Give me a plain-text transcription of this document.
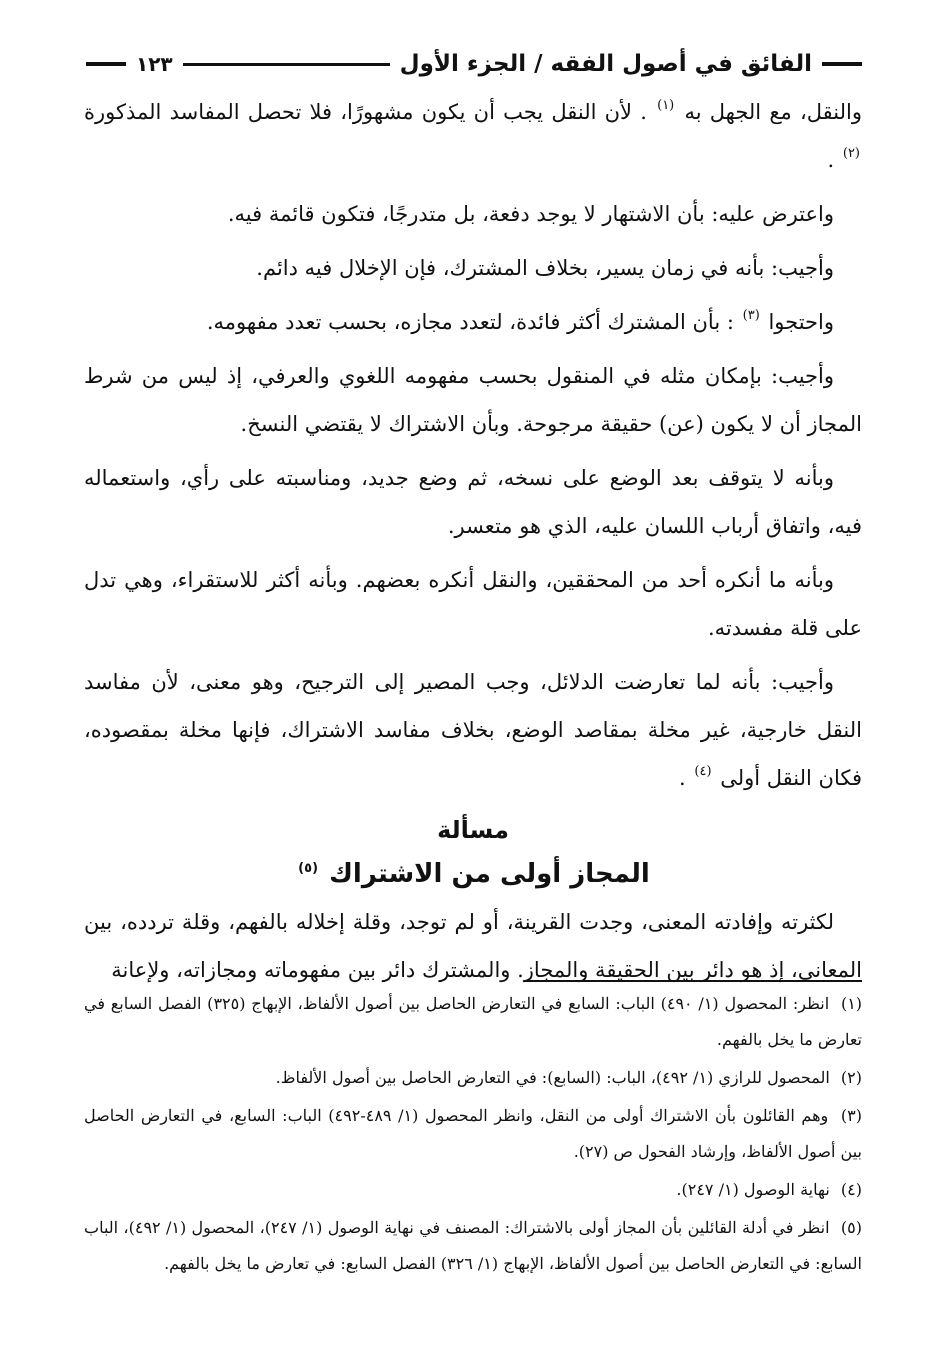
الفائق في أصول الفقه / الجزء الأول
١٢٣

والنقل، مع الجهل به $^{(١)}$ . لأن النقل يجب أن يكون مشهورًا، فلا تحصل المفاسد المذكورة $^{(٢)}$ .

واعترض عليه: بأن الاشتهار لا يوجد دفعة، بل متدرجًا، فتكون قائمة فيه.

وأجيب: بأنه في زمان يسير، بخلاف المشترك، فإن الإخلال فيه دائم.

واحتجوا $^{(٣)}$ : بأن المشترك أكثر فائدة، لتعدد مجازه، بحسب تعدد مفهومه.

وأجيب: بإمكان مثله في المنقول بحسب مفهومه اللغوي والعرفي، إذ ليس من شرط المجاز أن لا يكون (عن) حقيقة مرجوحة. وبأن الاشتراك لا يقتضي النسخ.

وبأنه لا يتوقف بعد الوضع على نسخه، ثم وضع جديد، ومناسبته على رأي، واستعماله فيه، واتفاق أرباب اللسان عليه، الذي هو متعسر.

وبأنه ما أنكره أحد من المحققين، والنقل أنكره بعضهم. وبأنه أكثر للاستقراء، وهي تدل على قلة مفسدته.

وأجيب: بأنه لما تعارضت الدلائل، وجب المصير إلى الترجيح، وهو معنى، لأن مفاسد النقل خارجية، غير مخلة بمقاصد الوضع، بخلاف مفاسد الاشتراك، فإنها مخلة بمقصوده، فكان النقل أولى $^{(٤)}$ .

مسألة
المجاز أولى من الاشتراك $^{(٥)}$

لكثرته وإفادته المعنى، وجدت القرينة، أو لم توجد، وقلة إخلاله بالفهم، وقلة تردده، بين المعاني، إذ هو دائر بين الحقيقة والمجاز. والمشترك دائر بين مفهوماته ومجازاته، ولإعانة

(١) انظر: المحصول (١/ ٤٩٠) الباب: السابع في التعارض الحاصل بين أصول الألفاظ، الإبهاج (٣٢٥) الفصل السابع في تعارض ما يخل بالفهم.

(٢) المحصول للرازي (١/ ٤٩٢)، الباب: (السابع): في التعارض الحاصل بين أصول الألفاظ.

(٣) وهم القائلون بأن الاشتراك أولى من النقل، وانظر المحصول (١/ ٤٨٩-٤٩٢) الباب: السابع، في التعارض الحاصل بين أصول الألفاظ، وإرشاد الفحول ص (٢٧).

(٤) نهاية الوصول (١/ ٢٤٧).

(٥) انظر في أدلة القائلين بأن المجاز أولى بالاشتراك: المصنف في نهاية الوصول (١/ ٢٤٧)، المحصول (١/ ٤٩٢)، الباب السابع: في التعارض الحاصل بين أصول الألفاظ، الإبهاج (١/ ٣٢٦) الفصل السابع: في تعارض ما يخل بالفهم.
